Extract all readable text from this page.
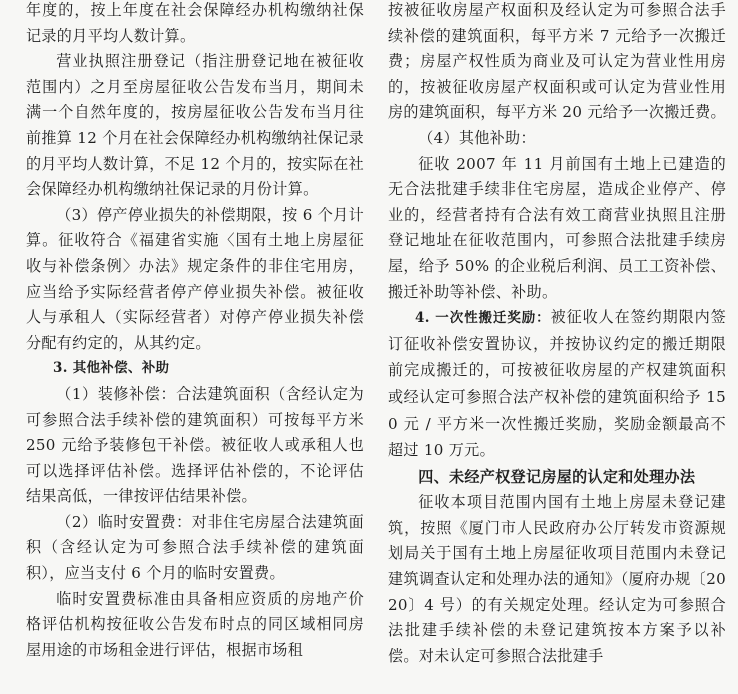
年度的，按上年度在社会保障经办机构缴纳社保记录的月平均人数计算。

营业执照注册登记（指注册登记地在被征收范围内）之月至房屋征收公告发布当月，期间未满一个自然年度的，按房屋征收公告发布当月往前推算 12 个月在社会保障经办机构缴纳社保记录的月平均人数计算，不足 12 个月的，按实际在社会保障经办机构缴纳社保记录的月份计算。

（3）停产停业损失的补偿期限，按 6 个月计算。征收符合《福建省实施〈国有土地上房屋征收与补偿条例〉办法》规定条件的非住宅用房，应当给予实际经营者停产停业损失补偿。被征收人与承租人（实际经营者）对停产停业损失补偿分配有约定的，从其约定。

3. 其他补偿、补助

（1）装修补偿：合法建筑面积（含经认定为可参照合法手续补偿的建筑面积）可按每平方米 250 元给予装修包干补偿。被征收人或承租人也可以选择评估补偿。选择评估补偿的，不论评估结果高低，一律按评估结果补偿。

（2）临时安置费：对非住宅房屋合法建筑面积（含经认定为可参照合法手续补偿的建筑面积），应当支付 6 个月的临时安置费。

临时安置费标准由具备相应资质的房地产价格评估机构按征收公告发布时点的同区域相同房屋用途的市场租金进行评估，根据市场租

按被征收房屋产权面积及经认定为可参照合法手续补偿的建筑面积，每平方米 7 元给予一次搬迁费；房屋产权性质为商业及可认定为营业性用房的，按被征收房屋产权面积或可认定为营业性用房的建筑面积，每平方米 20 元给予一次搬迁费。

（4）其他补助：

征收 2007 年 11 月前国有土地上已建造的无合法批建手续非住宅房屋，造成企业停产、停业的，经营者持有合法有效工商营业执照且注册登记地址在征收范围内，可参照合法批建手续房屋，给予 50% 的企业税后利润、员工工资补偿、搬迁补助等补偿、补助。

4. 一次性搬迁奖励：被征收人在签约期限内签订征收补偿安置协议，并按协议约定的搬迁期限前完成搬迁的，可按被征收房屋的产权建筑面积或经认定可参照合法产权补偿的建筑面积给予 150 元 / 平方米一次性搬迁奖励，奖励金额最高不超过 10 万元。

四、未经产权登记房屋的认定和处理办法

征收本项目范围内国有土地上房屋未登记建筑，按照《厦门市人民政府办公厅转发市资源规划局关于国有土地上房屋征收项目范围内未登记建筑调查认定和处理办法的通知》（厦府办规〔2020〕4 号）的有关规定处理。经认定为可参照合法批建手续补偿的未登记建筑按本方案予以补偿。对未认定可参照合法批建手
